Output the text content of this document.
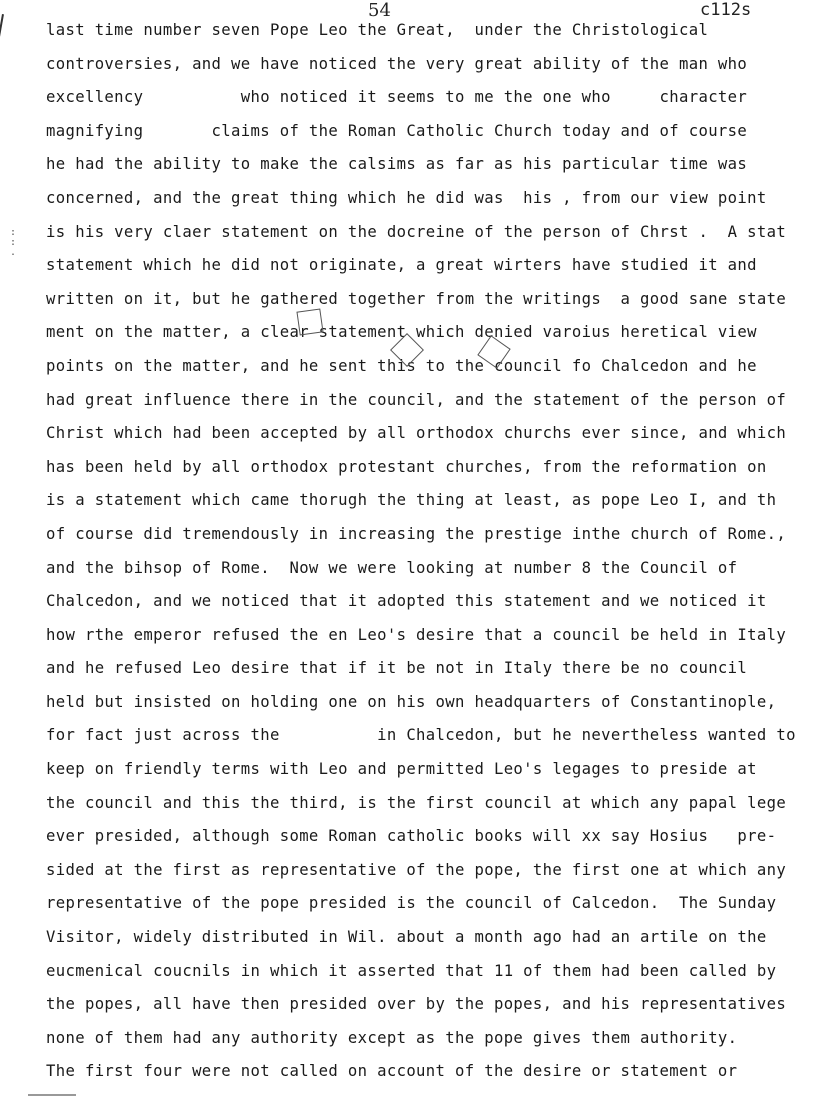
:
:
.
54	c112s
last time number seven Pope Leo the Great,  under the Christological
controversies, and we have noticed the very great ability of the man who
excellency          who noticed it seems to me the one who     character
magnifying       claims of the Roman Catholic Church today and of course
he had the ability to make the calsims as far as his particular time was
concerned, and the great thing which he did was  his , from our view point
is his very claer statement on the docreine of the person of Chrst .  A stat
statement which he did not originate, a great wirters have studied it and
written on it, but he gathered together from the writings  a good sane state
ment on the matter, a clear statement which denied varoius heretical view
points on the matter, and he sent this to the council fo Chalcedon and he
had great influence there in the council, and the statement of the person of
Christ which had been accepted by all orthodox churchs ever since, and which
has been held by all orthodox protestant churches, from the reformation on
is a statement which came thorugh the thing at least, as pope Leo I, and th
of course did tremendously in increasing the prestige inthe church of Rome.,
and the bihsop of Rome.  Now we were looking at number 8 the Council of
Chalcedon, and we noticed that it adopted this statement and we noticed it
how rthe emperor refused the en Leo's desire that a council be held in Italy
and he refused Leo desire that if it be not in Italy there be no council
held but insisted on holding one on his own headquarters of Constantinople,
for fact just across the          in Chalcedon, but he nevertheless wanted to
keep on friendly terms with Leo and permitted Leo's legages to preside at
the council and this the third, is the first council at which any papal lege
ever presided, although some Roman catholic books will xx say Hosius   pre-
sided at the first as representative of the pope, the first one at which any
representative of the pope presided is the council of Calcedon.  The Sunday
Visitor, widely distributed in Wil. about a month ago had an artile on the
eucmenical coucnils in which it asserted that 11 of them had been called by
the popes, all have then presided over by the popes, and his representatives
none of them had any authority except as the pope gives them authority.
The first four were not called on account of the desire or statement or
